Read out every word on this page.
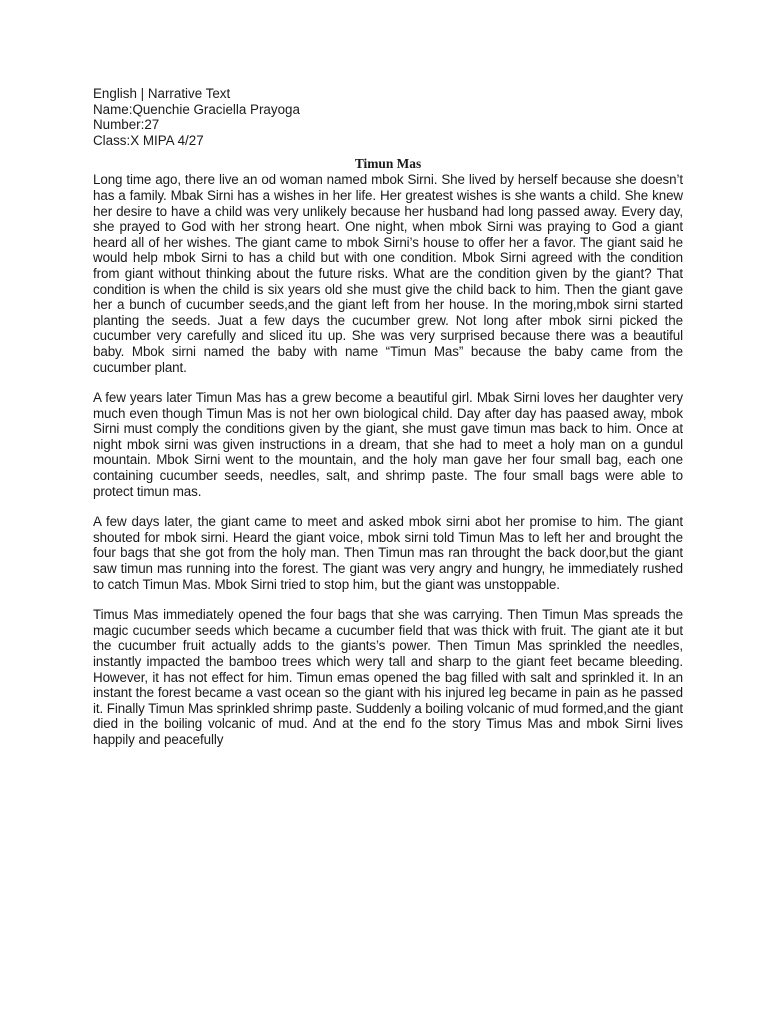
English | Narrative Text

Name:Quenchie Graciella Prayoga

Number:27

Class:X MIPA 4/27

Timun Mas

Long time ago, there live an od woman named mbok Sirni. She lived by herself because she doesn’t has a family. Mbak Sirni has a wishes in her life. Her greatest wishes is she wants a child. She knew her desire to have a child was very unlikely because her husband had long passed away. Every day, she prayed to God with her strong heart. One night, when mbok Sirni was praying to God a giant heard all of her wishes. The giant came to mbok Sirni’s house to offer her a favor. The giant said he would help mbok Sirni to has a child but with one condition. Mbok Sirni agreed with the condition from giant without thinking about the future risks. What are the condition given by the giant? That condition is when the child is six years old she must give the child back to him. Then the giant gave her a bunch of cucumber seeds,and the giant left from her house. In the moring,mbok sirni started planting the seeds. Juat a few days the cucumber grew. Not long after mbok sirni picked the cucumber very carefully and sliced itu up. She was very surprised because there was a beautiful baby. Mbok sirni named the baby with name “Timun Mas” because the baby came from the cucumber plant.

A few years later Timun Mas has a grew become a beautiful girl. Mbak Sirni loves her daughter very much even though Timun Mas is not her own biological child. Day after day has paased away, mbok Sirni must comply the conditions given by the giant, she must gave timun mas back to him. Once at night mbok sirni was given instructions in a dream, that she had to meet a holy man on a gundul mountain. Mbok Sirni went to the mountain, and the holy man gave her four small bag, each one containing cucumber seeds, needles, salt, and shrimp paste. The four small bags were able to protect timun mas.

A few days later, the giant came to meet and asked mbok sirni abot her promise to him. The giant shouted for mbok sirni. Heard the giant voice, mbok sirni told Timun Mas to left her and brought the four bags that she got from the holy man. Then Timun mas ran throught the back door,but the giant saw timun mas running into the forest. The giant was very angry and hungry, he immediately rushed to catch Timun Mas. Mbok Sirni tried to stop him, but the giant was unstoppable.

Timus Mas immediately opened the four bags that she was carrying. Then Timun Mas spreads the magic cucumber seeds which became a cucumber field that was thick with fruit. The giant ate it but the cucumber fruit actually adds to the giants’s power. Then Timun Mas sprinkled the needles, instantly impacted the bamboo trees which wery tall and sharp to the giant feet became bleeding. However, it has not effect for him. Timun emas opened the bag filled with salt and sprinkled it. In an instant the forest became a vast ocean so the giant with his injured leg became in pain as he passed it. Finally Timun Mas sprinkled shrimp paste. Suddenly a boiling volcanic of mud formed,and the giant died in the boiling volcanic of mud. And at the end fo the story Timus Mas and mbok Sirni lives happily and peacefully
